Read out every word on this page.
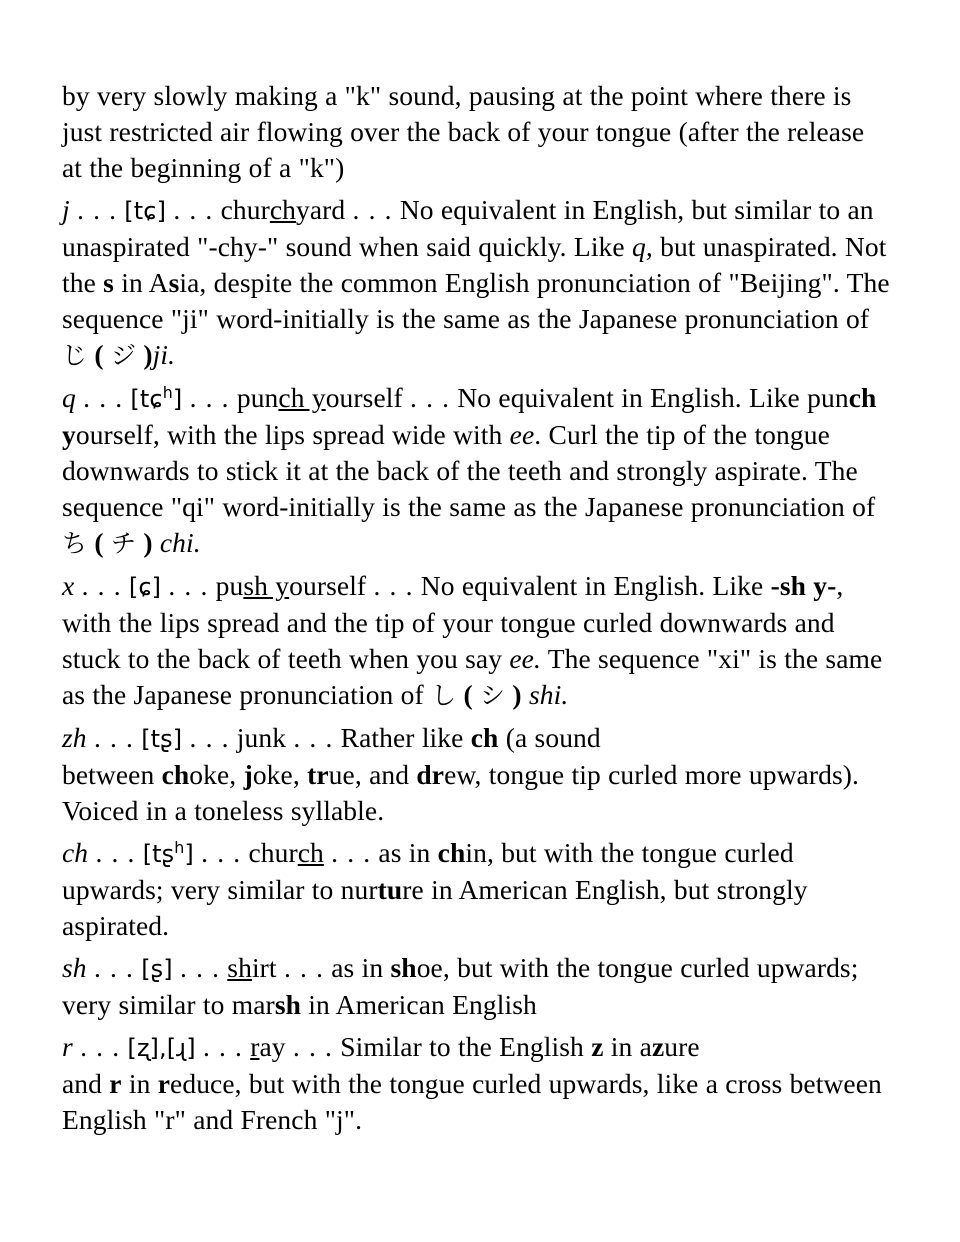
by very slowly making a "k" sound, pausing at the point where there is just restricted air flowing over the back of your tongue (after the release at the beginning of a "k")

j . . . [tɕ] . . . churchyard . . . No equivalent in English, but similar to an unaspirated "-chy-" sound when said quickly. Like q, but unaspirated. Not the s in Asia, despite the common English pronunciation of "Beijing". The sequence "ji" word-initially is the same as the Japanese pronunciation of じ ( ジ )ji.

q . . . [tɕ$^h$] . . . punch yourself . . . No equivalent in English. Like punch yourself, with the lips spread wide with ee. Curl the tip of the tongue downwards to stick it at the back of the teeth and strongly aspirate. The sequence "qi" word-initially is the same as the Japanese pronunciation of ち ( チ ) chi.

x . . . [ɕ] . . . push yourself . . . No equivalent in English. Like -sh y-, with the lips spread and the tip of your tongue curled downwards and stuck to the back of teeth when you say ee. The sequence "xi" is the same as the Japanese pronunciation of し ( シ ) shi.

zh . . . [tʂ] . . . junk . . . Rather like ch (a sound
between choke, joke, true, and drew, tongue tip curled more upwards). Voiced in a toneless syllable.

ch . . . [tʂ$^h$] . . . church . . . as in chin, but with the tongue curled upwards; very similar to nurture in American English, but strongly aspirated.

sh . . . [ʂ] . . . shirt . . . as in shoe, but with the tongue curled upwards; very similar to marsh in American English

r . . . [ʐ],[ɻ] . . . ray . . . Similar to the English z in azure
and r in reduce, but with the tongue curled upwards, like a cross between English "r" and French "j".
